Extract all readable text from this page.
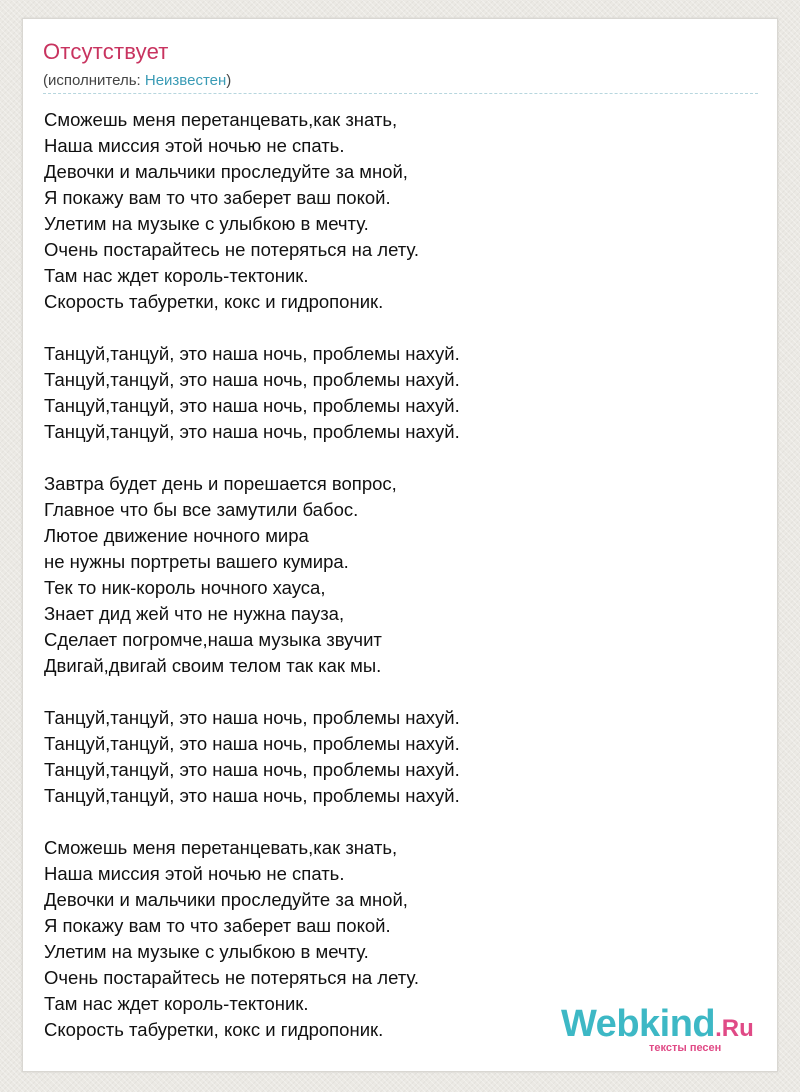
Отсутствует
(исполнитель: Неизвестен)
Сможешь меня перетанцевать,как знать,
Наша миссия этой ночью не спать.
Девочки и мальчики проследуйте за мной,
Я покажу вам то что заберет ваш покой.
Улетим на музыке с улыбкою в мечту.
Очень постарайтесь не потеряться на лету.
Там нас ждет король-тектоник.
Скорость табуретки, кокс и гидропоник.
Танцуй,танцуй, это наша ночь, проблемы нахуй.
Танцуй,танцуй, это наша ночь, проблемы нахуй.
Танцуй,танцуй, это наша ночь, проблемы нахуй.
Танцуй,танцуй, это наша ночь, проблемы нахуй.
Завтра будет день и порешается вопрос,
Главное что бы все замутили бабос.
Лютое движение ночного мира
не нужны портреты вашего кумира.
Тек то ник-король ночного хауса,
Знает дид жей что не нужна пауза,
Сделает погромче,наша музыка звучит
Двигай,двигай своим телом так как мы.
Танцуй,танцуй, это наша ночь, проблемы нахуй.
Танцуй,танцуй, это наша ночь, проблемы нахуй.
Танцуй,танцуй, это наша ночь, проблемы нахуй.
Танцуй,танцуй, это наша ночь, проблемы нахуй.
Сможешь меня перетанцевать,как знать,
Наша миссия этой ночью не спать.
Девочки и мальчики проследуйте за мной,
Я покажу вам то что заберет ваш покой.
Улетим на музыке с улыбкою в мечту.
Очень постарайтесь не потеряться на лету.
Там нас ждет король-тектоник.
Скорость табуретки, кокс и гидропоник.	Webkind.Ru
тексты песен
